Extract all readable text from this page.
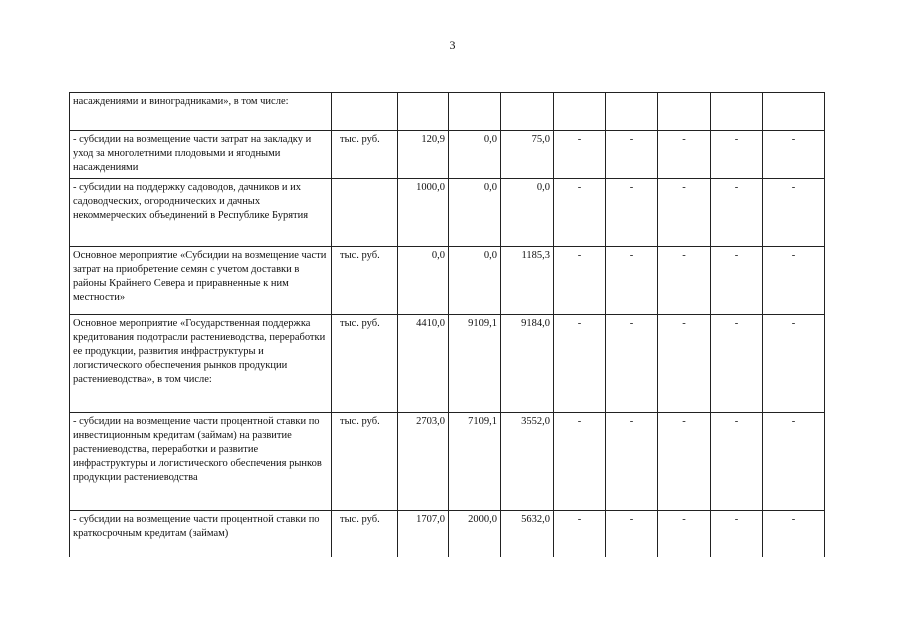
3
насаждениями и виноградниками», в том числе:									
- субсидии на возмещение части затрат на закладку и уход за многолетними плодовыми и ягодными насаждениями	тыс. руб.	120,9	0,0	75,0	-	-	-	-	-
- субсидии на поддержку садоводов, дачников и их садоводческих, огороднических и дачных некоммерческих объединений в Республике Бурятия		1000,0	0,0	0,0	-	-	-	-	-
Основное мероприятие «Субсидии на возмещение части затрат на приобретение семян с учетом доставки в районы Крайнего Севера и приравненные к ним местности»	тыс. руб.	0,0	0,0	1185,3	-	-	-	-	-
Основное мероприятие «Государственная поддержка кредитования подотрасли растениеводства, переработки ее продукции, развития инфраструктуры и логистического обеспечения рынков продукции растениеводства», в том числе:	тыс. руб.	4410,0	9109,1	9184,0	-	-	-	-	-
- субсидии на возмещение части процентной ставки по инвестиционным кредитам (займам) на развитие растениеводства, переработки и развитие инфраструктуры и логистического обеспечения рынков продукции растениеводства	тыс. руб.	2703,0	7109,1	3552,0	-	-	-	-	-
- субсидии на возмещение части процентной ставки по краткосрочным кредитам (займам)	тыс. руб.	1707,0	2000,0	5632,0	-	-	-	-	-
